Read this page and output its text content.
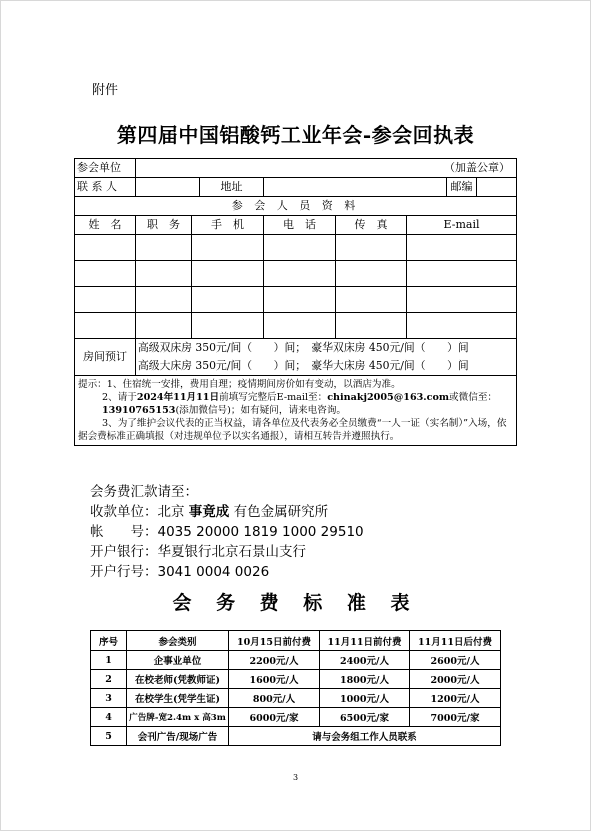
附件
第四届中国铝酸钙工业年会-参会回执表
参会单位	（加盖公章）							
联 系 人			地址				邮编	
参 会 人 员 资 料								
姓　名	职　务	手　机		电　话	传　真	E-mail		

房间预订	高级双床房 350元/间（　　）间；　豪华双床房 450元/间（　　）间
高级大床房 350元/间（　　）间；　豪华大床房 450元/间（　　）间							

提示：1、住宿统一安排，费用自理；疫情期间房价如有变动，以酒店为准。
2、请于2024年11月11日前填写完整后E-mail至：chinakj2005@163.com或微信至：
13910765153(添加微信号)；如有疑问，请来电咨询。
3、为了维护会议代表的正当权益，请各单位及代表务必全员缴费“一人一证（实名制）”入场，依据会费标准正确填报（对违规单位予以实名通报），请相互转告并遵照执行。								
会务费汇款请至：
收款单位：北京 事竟成 有色金属研究所
帐　　号：4035 20000 1819 1000 29510
开户银行：华夏银行北京石景山支行
开户行号：3041 0004 0026
会 务 费 标 准 表
序号	参会类别	10月15日前付费	11月11日前付费	11月11日后付费
1	企事业单位	2200元/人	2400元/人	2600元/人
2	在校老师(凭教师证)	1600元/人	1800元/人	2000元/人
3	在校学生(凭学生证)	800元/人	1000元/人	1200元/人
4	广告牌-宽2.4m x 高3m	6000元/家	6500元/家	7000元/家
5	会刊广告/现场广告	请与会务组工作人员联系		
3
